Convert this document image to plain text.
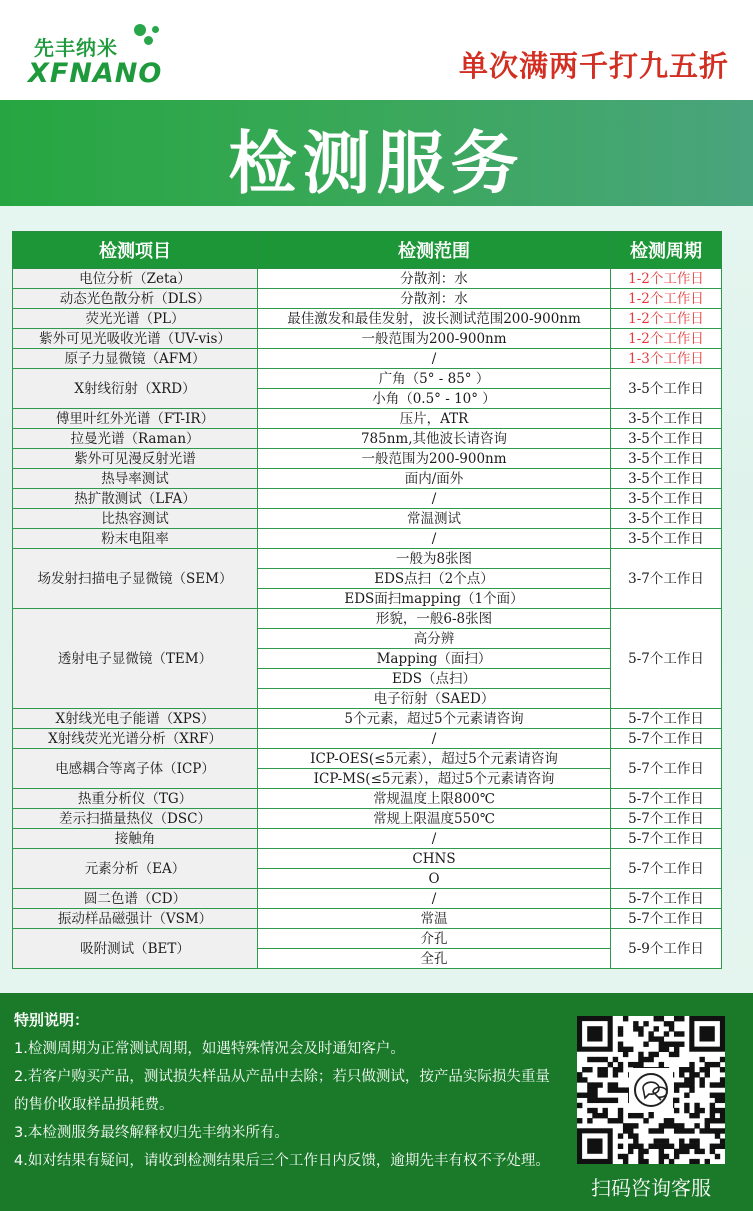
先丰纳米
XFNANO	单次满两千打九五折
检测服务
检测项目	检测范围	检测周期
电位分析（Zeta）	分散剂：水	1-2个工作日
动态光色散分析（DLS）	分散剂：水	1-2个工作日
荧光光谱（PL）	最佳激发和最佳发射，波长测试范围200-900nm	1-2个工作日
紫外可见光吸收光谱（UV-vis）	一般范围为200-900nm	1-2个工作日
原子力显微镜（AFM）	/	1-3个工作日
X射线衍射（XRD）	广角（5° - 85° ）	3-5个工作日
	小角（0.5° - 10° ）	
傅里叶红外光谱（FT-IR）	压片，ATR	3-5个工作日
拉曼光谱（Raman）	785nm,其他波长请咨询	3-5个工作日
紫外可见漫反射光谱	一般范围为200-900nm	3-5个工作日
热导率测试	面内/面外	3-5个工作日
热扩散测试（LFA）	/	3-5个工作日
比热容测试	常温测试	3-5个工作日
粉末电阻率	/	3-5个工作日
场发射扫描电子显微镜（SEM）	一般为8张图	3-7个工作日
	EDS点扫（2个点）	
	EDS面扫mapping（1个面）	
透射电子显微镜（TEM）	形貌，一般6-8张图	5-7个工作日
	高分辨	
	Mapping（面扫）	
	EDS（点扫）	
	电子衍射（SAED）	
X射线光电子能谱（XPS）	5个元素，超过5个元素请咨询	5-7个工作日
X射线荧光光谱分析（XRF）	/	5-7个工作日
电感耦合等离子体（ICP）	ICP-OES(≤5元素），超过5个元素请咨询	5-7个工作日
	ICP-MS(≤5元素），超过5个元素请咨询	
热重分析仪（TG）	常规温度上限800℃	5-7个工作日
差示扫描量热仪（DSC）	常规上限温度550℃	5-7个工作日
接触角	/	5-7个工作日
元素分析（EA）	CHNS	5-7个工作日
	O	
圆二色谱（CD）	/	5-7个工作日
振动样品磁强计（VSM）	常温	5-7个工作日
吸附测试（BET）	介孔	5-9个工作日
	全孔	
特别说明：
1.检测周期为正常测试周期，如遇特殊情况会及时通知客户。
2.若客户购买产品，测试损失样品从产品中去除；若只做测试，按产品实际损失重量的售价收取样品损耗费。
3.本检测服务最终解释权归先丰纳米所有。
4.如对结果有疑问，请收到检测结果后三个工作日内反馈，逾期先丰有权不予处理。
扫码咨询客服
